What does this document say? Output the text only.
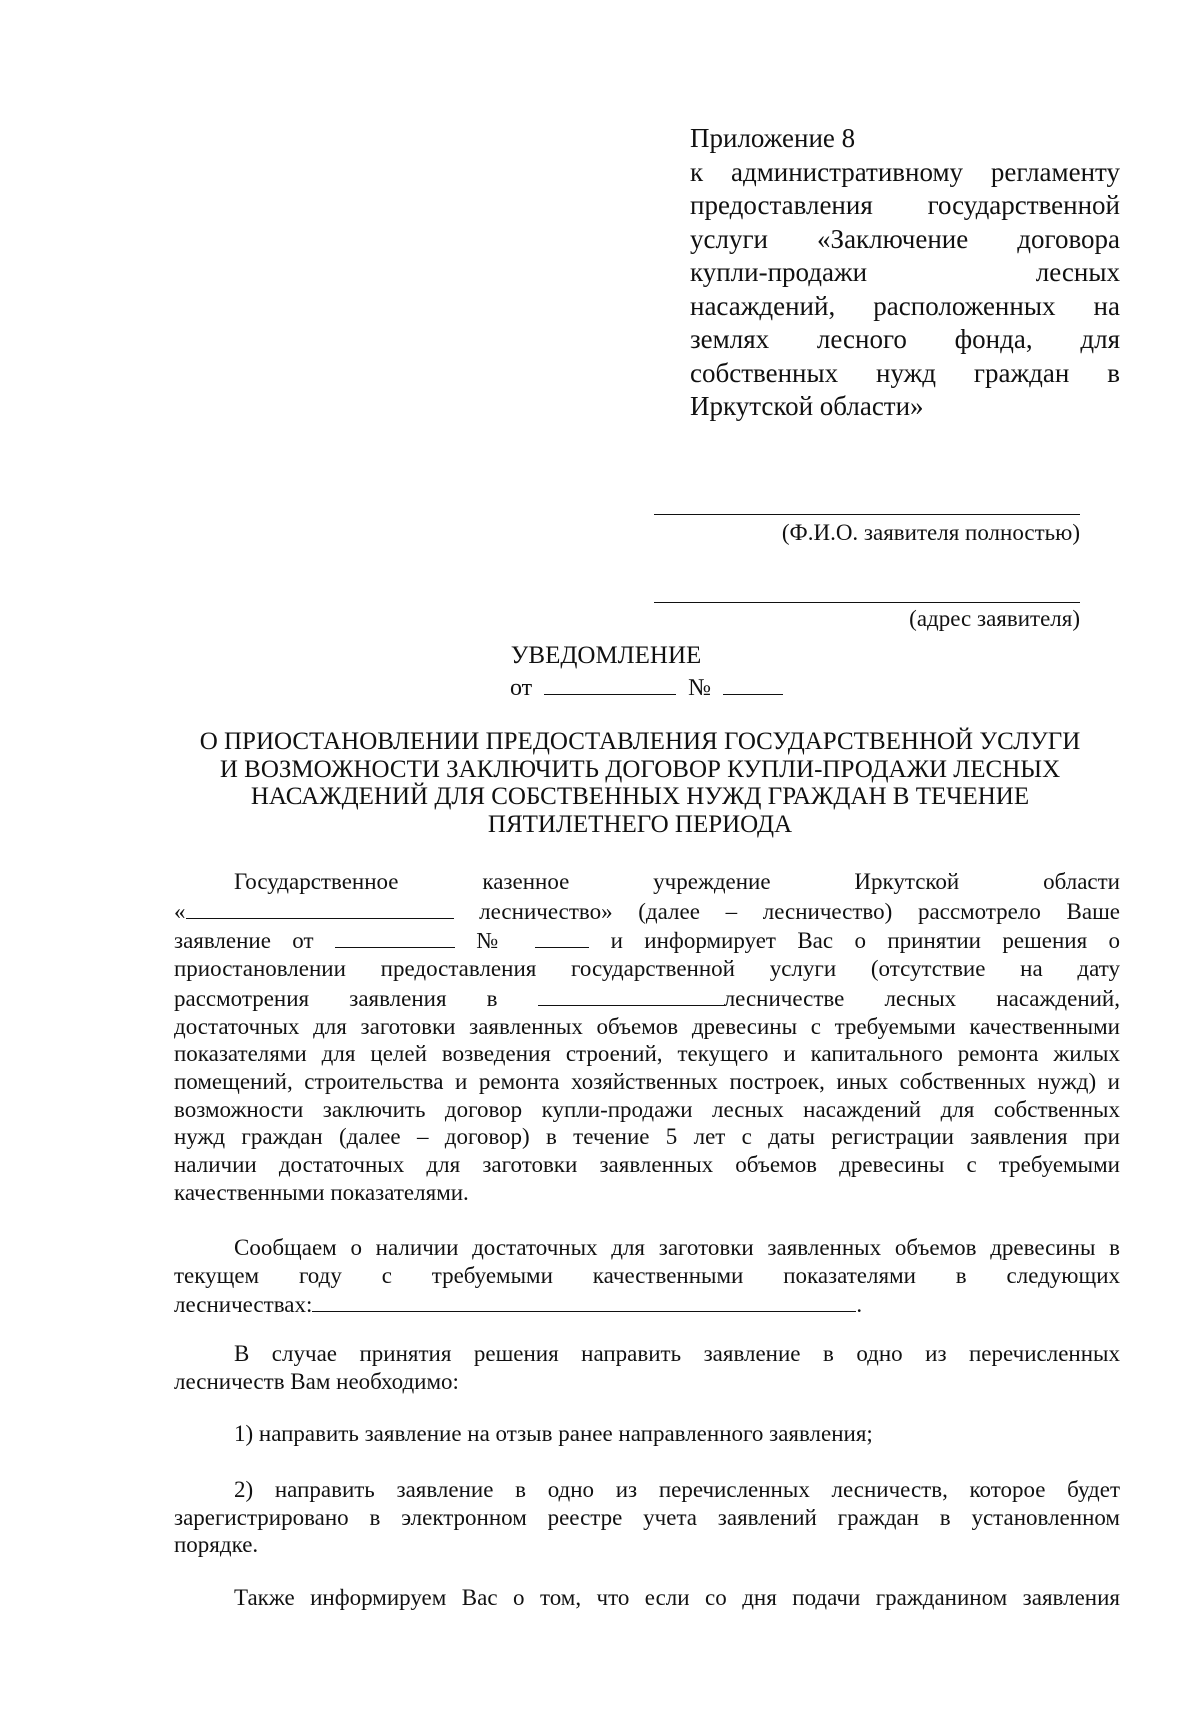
Приложение 8
к административному регламенту
предоставления государственной
услуги «Заключение договора
купли-продажи лесных
насаждений, расположенных на
землях лесного фонда, для
собственных нужд граждан в
Иркутской области»
(Ф.И.О. заявителя полностью)
(адрес заявителя)
УВЕДОМЛЕНИЕ
от	№
О ПРИОСТАНОВЛЕНИИ ПРЕДОСТАВЛЕНИЯ ГОСУДАРСТВЕННОЙ УСЛУГИ
И ВОЗМОЖНОСТИ ЗАКЛЮЧИТЬ ДОГОВОР КУПЛИ-ПРОДАЖИ ЛЕСНЫХ
НАСАЖДЕНИЙ ДЛЯ СОБСТВЕННЫХ НУЖД ГРАЖДАН В ТЕЧЕНИЕ
ПЯТИЛЕТНЕГО ПЕРИОДА
Государственное казенное учреждение Иркутской области
«	лесничество» (далее – лесничество) рассмотрело Ваше
заявление от	№	и информирует Вас о принятии решения о
приостановлении предоставления государственной услуги (отсутствие на дату
рассмотрения заявления в	лесничестве лесных насаждений,
достаточных для заготовки заявленных объемов древесины с требуемыми качественными
показателями для целей возведения строений, текущего и капитального ремонта жилых
помещений, строительства и ремонта хозяйственных построек, иных собственных нужд) и
возможности заключить договор купли-продажи лесных насаждений для собственных
нужд граждан (далее – договор) в течение 5 лет с даты регистрации заявления при
наличии достаточных для заготовки заявленных объемов древесины с требуемыми
качественными показателями.
Сообщаем о наличии достаточных для заготовки заявленных объемов древесины в
текущем году с требуемыми качественными показателями в следующих
лесничествах:	.
В случае принятия решения направить заявление в одно из перечисленных
лесничеств Вам необходимо:
1) направить заявление на отзыв ранее направленного заявления;
2) направить заявление в одно из перечисленных лесничеств, которое будет
зарегистрировано в электронном реестре учета заявлений граждан в установленном
порядке.
Также информируем Вас о том, что если со дня подачи гражданином заявления
